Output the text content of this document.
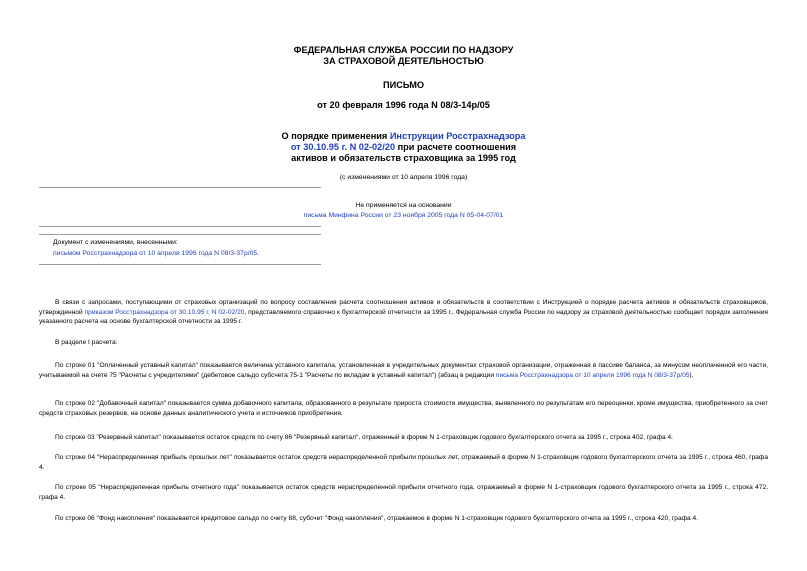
ФЕДЕРАЛЬНАЯ СЛУЖБА РОССИИ ПО НАДЗОРУ
ЗА СТРАХОВОЙ ДЕЯТЕЛЬНОСТЬЮ
ПИСЬМО
от 20 февраля 1996 года N 08/3-14р/05
О порядке применения Инструкции Росстрахнадзора
от 30.10.95 г. N 02-02/20 при расчете соотношения
активов и обязательств страховщика за 1995 год
(с изменениями от 10 апреля 1996 года)
Не применяется на основании
письма Минфина России от 23 ноября 2005 года N 05-04-07/01
Документ с изменениями, внесенными:
письмом Росстрахнадзора от 10 апреля 1996 года N 08/3-37р/05.
В связи с запросами, поступающими от страховых организаций по вопросу составления расчета соотношения активов и обязательств в соответствии с Инструкцией о порядке расчета активов и обязательств страховщиков, утвержденной приказом Росстрахнадзора от 30.10.95 г. N 02-02/20, представляемого справочно к бухгалтерской отчетности за 1995 г., Федеральная служба России по надзору за страховой деятельностью сообщает порядок заполнения указанного расчета на основе бухгалтерской отчетности за 1995 г.
В разделе I расчета:
По строке 01 "Оплаченный уставный капитал" показывается величина уставного капитала, установленная в учредительных документах страховой организации, отраженная в пассиве баланса, за минусом неоплаченной его части, учитываемой на счете 75 "Расчеты с учредителями" (дебетовое сальдо субсчета 75-1 "Расчеты по вкладам в уставный капитал") (абзац в редакции письма Росстрахнадзора от 10 апреля 1996 года N 08/3-37р/05).
По строке 02 "Добавочный капитал" показывается сумма добавочного капитала, образованного в результате прироста стоимости имущества, выявленного по результатам его переоценки, кроме имущества, приобретенного за счет средств страховых резервов, на основе данных аналитического учета и источников приобретения.
По строке 03 "Резервный капитал" показывается остаток средств по счету 86 "Резервный капитал", отраженный в форме N 1-страховщик годового бухгалтерского отчета за 1995 г., строка 402, графа 4.
По строке 04 "Нераспределенная прибыль прошлых лет" показывается остаток средств нераспределенной прибыли прошлых лет, отражаемый в форме N 1-страховщик годового бухгалтерского отчета за 1995 г., строка 460, графа 4.
По строке 05 "Нераспределенная прибыль отчетного года" показывается остаток средств нераспределенной прибыли отчетного года, отражаемый в форме N 1-страховщик годового бухгалтерского отчета за 1995 г., строка 472, графа 4.
По строке 06 "Фонд накопления" показывается кредитовое сальдо по счету 88, субсчет "Фонд накопления", отражаемое в форме N 1-страховщик годового бухгалтерского отчета за 1995 г., строка 420, графа 4.
